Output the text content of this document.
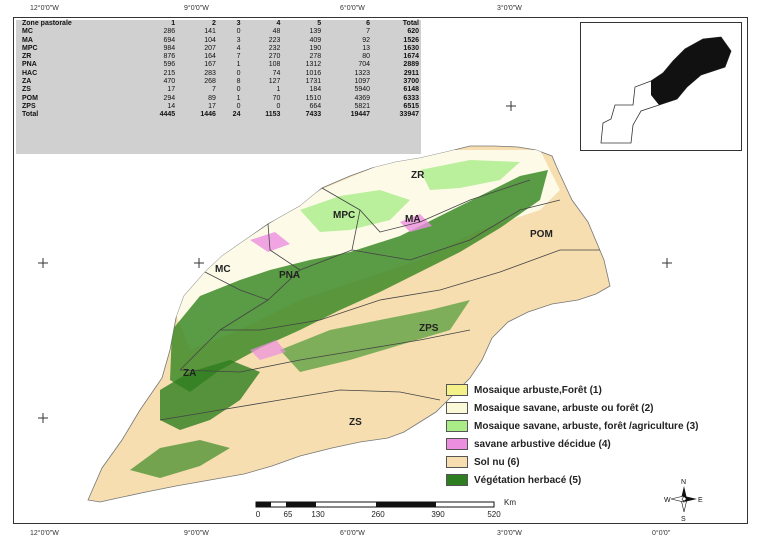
12°0'0"W	9°0'0"W	6°0'0"W	3°0'0"W
12°0'0"W	9°0'0"W	6°0'0"W	3°0'0"W	0°0'0"
ZR
MPC	MA
POM
MC
PNA
ZPS
ZA
ZS
Zone pastorale	1	2	3	4	5	6	Total
MC	286	141	0	48	139	7	620
MA	694	104	3	223	409	92	1526
MPC	984	207	4	232	190	13	1630
ZR	876	164	7	270	278	80	1674
PNA	596	167	1	108	1312	704	2889
HAC	215	283	0	74	1016	1323	2911
ZA	470	268	8	127	1731	1097	3700
ZS	17	7	0	1	184	5940	6148
POM	294	89	1	70	1510	4369	6333
ZPS	14	17	0	0	664	5821	6515
Total	4445	1446	24	1153	7433	19447	33947
Mosaique arbuste,Forêt (1)
Mosaique savane, arbuste ou forêt (2)
Mosaique savane, arbuste, forêt /agriculture (3)
savane arbustive décidue (4)
Sol nu (6)
Végétation herbacé (5)
0	65 130	260	390	520
Km
N
S
W	E
